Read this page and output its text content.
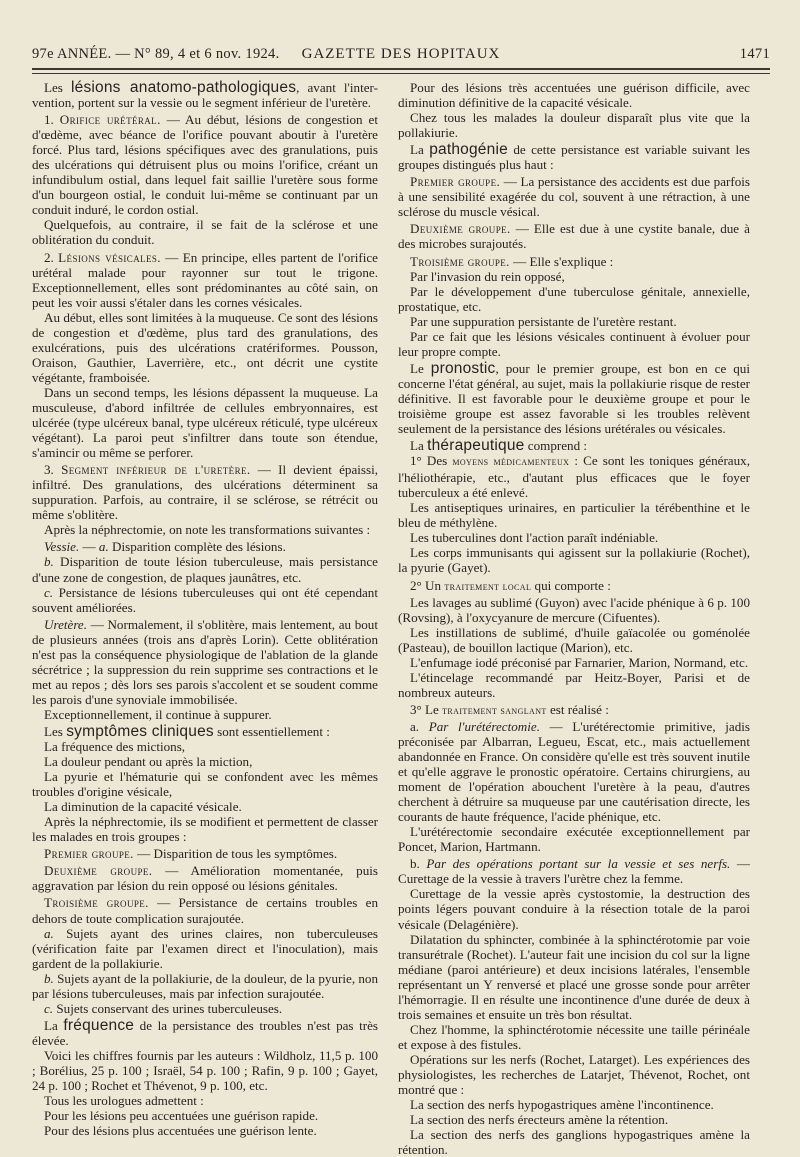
97e ANNÉE. — N° 89, 4 et 6 nov. 1924.	GAZETTE DES HOPITAUX	1471

Les lésions anatomo-pathologiques, avant l'inter-vention, portent sur la vessie ou le segment inférieur de l'uretère.

1. Orifice urétéral. — Au début, lésions de congestion et d'œdème, avec béance de l'orifice pouvant aboutir à l'uretère forcé. Plus tard, lésions spécifiques avec des granulations, puis des ulcérations qui détruisent plus ou moins l'orifice, créant un infundibulum ostial, dans lequel fait saillie l'uretère sous forme d'un bourgeon ostial, le conduit lui-même se continuant par un conduit induré, le cordon ostial.

Quelquefois, au contraire, il se fait de la sclérose et une oblitération du conduit.

2. Lésions vésicales. — En principe, elles partent de l'orifice urétéral malade pour rayonner sur tout le trigone. Exceptionnellement, elles sont prédominantes au côté sain, on peut les voir aussi s'étaler dans les cornes vésicales.

Au début, elles sont limitées à la muqueuse. Ce sont des lésions de congestion et d'œdème, plus tard des granulations, des exulcérations, puis des ulcérations cratériformes. Pousson, Oraison, Gauthier, Laverrière, etc., ont décrit une cystite végétante, framboisée.

Dans un second temps, les lésions dépassent la muqueuse. La musculeuse, d'abord infiltrée de cellules embryonnaires, est ulcérée (type ulcéreux banal, type ulcéreux réticulé, type ulcéreux végétant). La paroi peut s'infiltrer dans toute son étendue, s'amincir ou même se perforer.

3. Segment inférieur de l'uretère. — Il devient épaissi, infiltré. Des granulations, des ulcérations déterminent sa suppuration. Parfois, au contraire, il se sclérose, se rétrécit ou même s'oblitère.

Après la néphrectomie, on note les transformations suivantes :

Vessie. — a. Disparition complète des lésions.

b. Disparition de toute lésion tuberculeuse, mais persistance d'une zone de congestion, de plaques jaunâtres, etc.

c. Persistance de lésions tuberculeuses qui ont été cependant souvent améliorées.

Uretère. — Normalement, il s'oblitère, mais lentement, au bout de plusieurs années (trois ans d'après Lorin). Cette oblitération n'est pas la conséquence physiologique de l'ablation de la glande sécrétrice ; la suppression du rein supprime ses contractions et le met au repos ; dès lors ses parois s'accolent et se soudent comme les parois d'une synoviale immobilisée.

Exceptionnellement, il continue à suppurer.

Les symptômes cliniques sont essentiellement :

La fréquence des mictions,

La douleur pendant ou après la miction,

La pyurie et l'hématurie qui se confondent avec les mêmes troubles d'origine vésicale,

La diminution de la capacité vésicale.

Après la néphrectomie, ils se modifient et permettent de classer les malades en trois groupes :

Premier groupe. — Disparition de tous les symptômes.

Deuxième groupe. — Amélioration momentanée, puis aggravation par lésion du rein opposé ou lésions génitales.

Troisième groupe. — Persistance de certains troubles en dehors de toute complication surajoutée.

a. Sujets ayant des urines claires, non tuberculeuses (vérification faite par l'examen direct et l'inoculation), mais gardent de la pollakiurie.

b. Sujets ayant de la pollakiurie, de la douleur, de la pyurie, non par lésions tuberculeuses, mais par infection surajoutée.

c. Sujets conservant des urines tuberculeuses.

La fréquence de la persistance des troubles n'est pas très élevée.

Voici les chiffres fournis par les auteurs : Wildholz, 11,5 p. 100 ; Borélius, 25 p. 100 ; Israël, 54 p. 100 ; Rafin, 9 p. 100 ; Gayet, 24 p. 100 ; Rochet et Thévenot, 9 p. 100, etc.

Tous les urologues admettent :

Pour les lésions peu accentuées une guérison rapide.

Pour des lésions plus accentuées une guérison lente.

Pour des lésions très accentuées une guérison difficile, avec diminution définitive de la capacité vésicale.

Chez tous les malades la douleur disparaît plus vite que la pollakiurie.

La pathogénie de cette persistance est variable suivant les groupes distingués plus haut :

Premier groupe. — La persistance des accidents est due parfois à une sensibilité exagérée du col, souvent à une rétraction, à une sclérose du muscle vésical.

Deuxième groupe. — Elle est due à une cystite banale, due à des microbes surajoutés.

Troisième groupe. — Elle s'explique :

Par l'invasion du rein opposé,

Par le développement d'une tuberculose génitale, annexielle, prostatique, etc.

Par une suppuration persistante de l'uretère restant.

Par ce fait que les lésions vésicales continuent à évoluer pour leur propre compte.

Le pronostic, pour le premier groupe, est bon en ce qui concerne l'état général, au sujet, mais la pollakiurie risque de rester définitive. Il est favorable pour le deuxième groupe et pour le troisième groupe est assez favorable si les troubles relèvent seulement de la persistance des lésions urétérales ou vésicales.

La thérapeutique comprend :

1° Des moyens médicamenteux : Ce sont les toniques généraux, l'héliothérapie, etc., d'autant plus efficaces que le foyer tuberculeux a été enlevé.

Les antiseptiques urinaires, en particulier la térébenthine et le bleu de méthylène.

Les tuberculines dont l'action paraît indéniable.

Les corps immunisants qui agissent sur la pollakiurie (Rochet), la pyurie (Gayet).

2° Un traitement local qui comporte :

Les lavages au sublimé (Guyon) avec l'acide phénique à 6 p. 100 (Rovsing), à l'oxycyanure de mercure (Cifuentes).

Les instillations de sublimé, d'huile gaïacolée ou goménolée (Pasteau), de bouillon lactique (Marion), etc.

L'enfumage iodé préconisé par Farnarier, Marion, Normand, etc.

L'étincelage recommandé par Heitz-Boyer, Parisi et de nombreux auteurs.

3° Le traitement sanglant est réalisé :

a. Par l'urétérectomie. — L'urétérectomie primitive, jadis préconisée par Albarran, Legueu, Escat, etc., mais actuellement abandonnée en France. On considère qu'elle est très souvent inutile et qu'elle aggrave le pronostic opératoire. Certains chirurgiens, au moment de l'opération abouchent l'uretère à la peau, d'autres cherchent à détruire sa muqueuse par une cautérisation directe, les courants de haute fréquence, l'acide phénique, etc.

L'urétérectomie secondaire exécutée exceptionnellement par Poncet, Marion, Hartmann.

b. Par des opérations portant sur la vessie et ses nerfs. — Curettage de la vessie à travers l'urètre chez la femme.

Curettage de la vessie après cystostomie, la destruction des points légers pouvant conduire à la résection totale de la paroi vésicale (Delagénière).

Dilatation du sphincter, combinée à la sphinctérotomie par voie transurétrale (Rochet). L'auteur fait une incision du col sur la ligne médiane (paroi antérieure) et deux incisions latérales, l'ensemble représentant un Y renversé et placé une grosse sonde pour arrêter l'hémorragie. Il en résulte une incontinence d'une durée de deux à trois semaines et ensuite un très bon résultat.

Chez l'homme, la sphinctérotomie nécessite une taille périnéale et expose à des fistules.

Opérations sur les nerfs (Rochet, Latarget). Les expériences des physiologistes, les recherches de Latarjet, Thévenot, Rochet, ont montré que :

La section des nerfs hypogastriques amène l'incontinence.

La section des nerfs érecteurs amène la rétention.

La section des nerfs des ganglions hypogastriques amène la rétention.
